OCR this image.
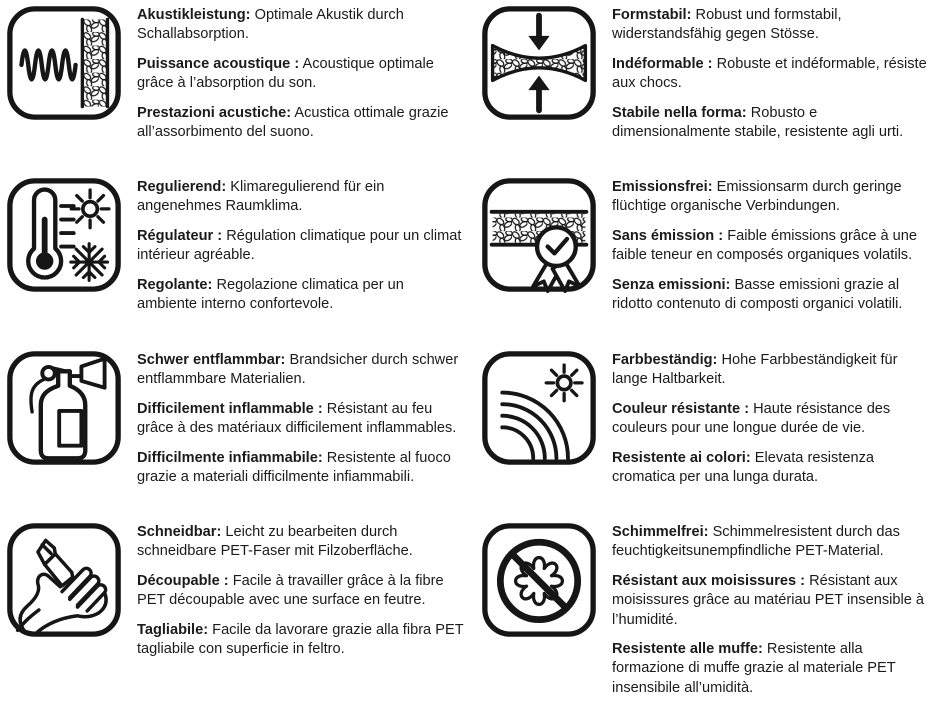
Akustikleistung: Optimale Akustik durch Schallabsorption.

Puissance acoustique : Acoustique optimale grâce à l’absorption du son.

Prestazioni acustiche: Acustica ottimale grazie all’assorbimento del suono.

Formstabil: Robust und formstabil, widerstandsfähig gegen Stösse.

Indéformable : Robuste et indéformable, résiste aux chocs.

Stabile nella forma: Robusto e dimensionalmente stabile, resistente agli urti.

Regulierend: Klimaregulierend für ein angenehmes Raumklima.

Régulateur : Régulation climatique pour un climat intérieur agréable.

Regolante: Regolazione climatica per un ambiente interno confortevole.

Emissionsfrei: Emissionsarm durch geringe flüchtige organische Verbindungen.

Sans émission : Faible émissions grâce à une faible teneur en composés organiques volatils.

Senza emissioni: Basse emissioni grazie al ridotto contenuto di composti organici volatili.

Schwer entflammbar: Brandsicher durch schwer entflammbare Materialien.

Difficilement inflammable : Résistant au feu grâce à des matériaux difficilement inflammables.

Difficilmente infiammabile: Resistente al fuoco grazie a materiali difficilmente infiammabili.

Farbbeständig: Hohe Farbbeständigkeit für lange Haltbarkeit.

Couleur résistante : Haute résistance des couleurs pour une longue durée de vie.

Resistente ai colori: Elevata resistenza cromatica per una lunga durata.

Schneidbar: Leicht zu bearbeiten durch schneidbare PET-Faser mit Filzoberfläche.

Découpable : Facile à travailler grâce à la fibre PET découpable avec une surface en feutre.

Tagliabile: Facile da lavorare grazie alla fibra PET tagliabile con superficie in feltro.

Schimmelfrei: Schimmelresistent durch das feuchtigkeitsunempfindliche PET-Material.

Résistant aux moisissures : Résistant aux moisissures grâce au matériau PET insensible à l’humidité.

Resistente alle muffe: Resistente alla formazione di muffe grazie al materiale PET insensibile all’umidità.
